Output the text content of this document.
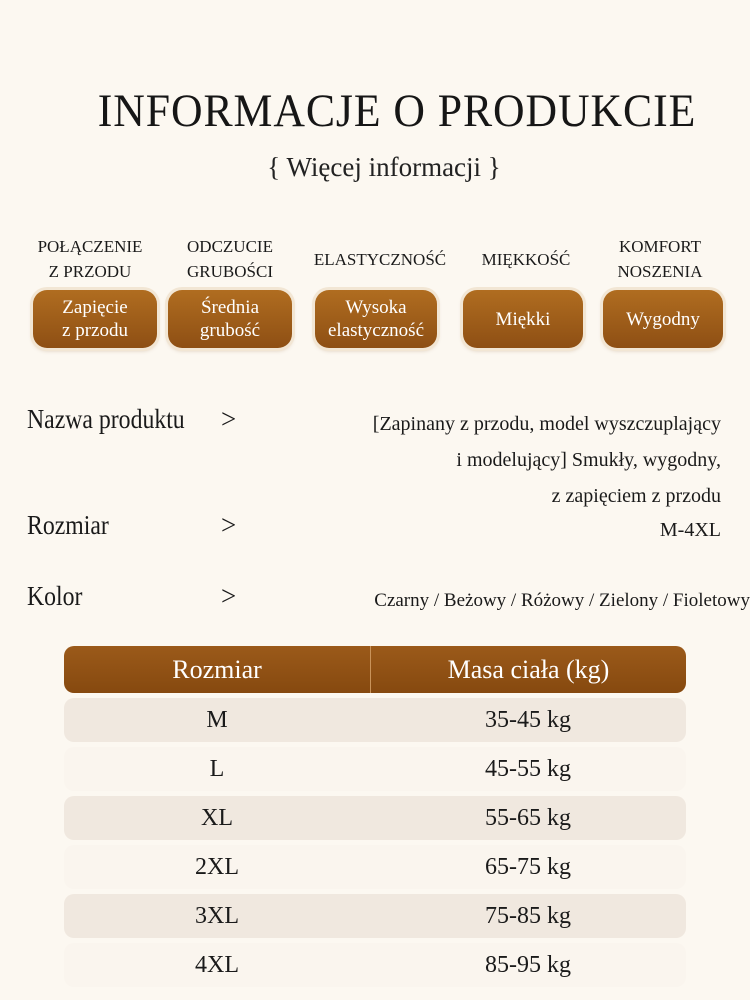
INFORMACJE O PRODUKCIE
{ Więcej informacji }
POŁĄCZENIE
Z PRZODU
Zapięcie
z przodu
ODCZUCIE
GRUBOŚCI
Średnia
grubość
ELASTYCZNOŚĆ
Wysoka
elastyczność
MIĘKKOŚĆ
Miękki
KOMFORT
NOSZENIA
Wygodny
Nazwa produktu >	[Zapinany z przodu, model wyszczuplający
i modelujący] Smukły, wygodny,
z zapięciem z przodu
Rozmiar	>	M-4XL
Kolor	>	Czarny / Beżowy / Różowy / Zielony / Fioletowy
Rozmiar	Masa ciała (kg)
M	35-45 kg
L	45-55 kg
XL	55-65 kg
2XL	65-75 kg
3XL	75-85 kg
4XL	85-95 kg
